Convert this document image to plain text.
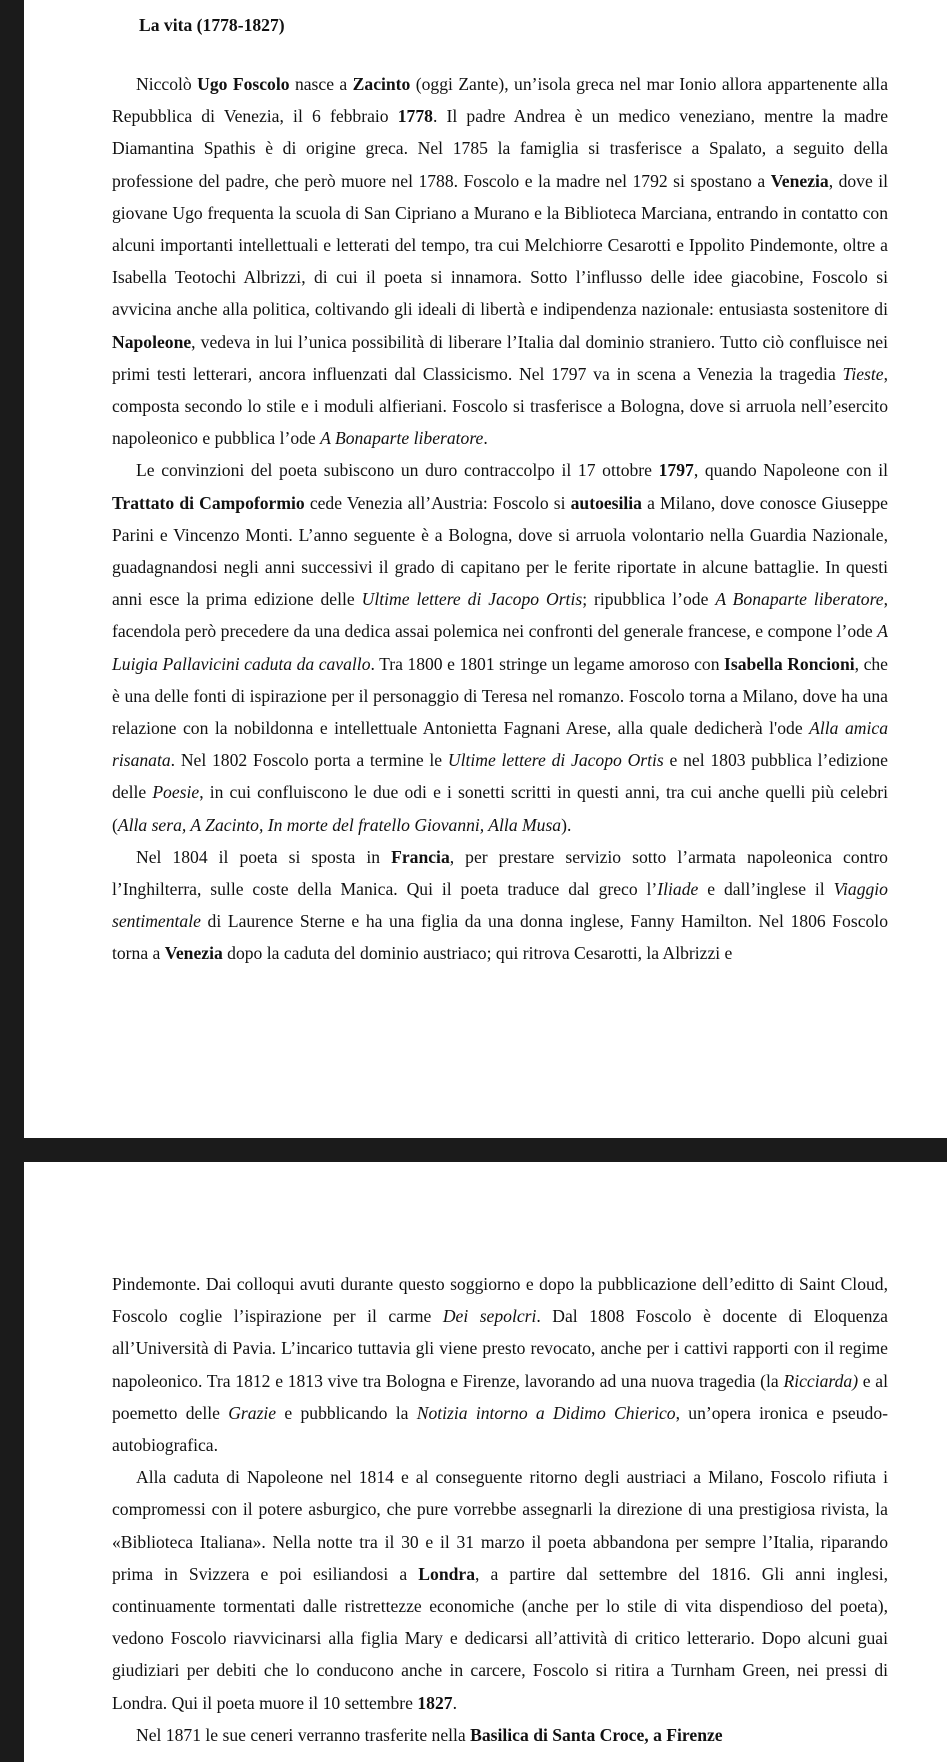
La vita (1778-1827)

Niccolò Ugo Foscolo nasce a Zacinto (oggi Zante), un’isola greca nel mar Ionio allora appartenente alla Repubblica di Venezia, il 6 febbraio 1778. Il padre Andrea è un medico veneziano, mentre la madre Diamantina Spathis è di origine greca. Nel 1785 la famiglia si trasferisce a Spalato, a seguito della professione del padre, che però muore nel 1788. Foscolo e la madre nel 1792 si spostano a Venezia, dove il giovane Ugo frequenta la scuola di San Cipriano a Murano e la Biblioteca Marciana, entrando in contatto con alcuni importanti intellettuali e letterati del tempo, tra cui Melchiorre Cesarotti e Ippolito Pindemonte, oltre a Isabella Teotochi Albrizzi, di cui il poeta si innamora. Sotto l’influsso delle idee giacobine, Foscolo si avvicina anche alla politica, coltivando gli ideali di libertà e indipendenza nazionale: entusiasta sostenitore di Napoleone, vedeva in lui l’unica possibilità di liberare l’Italia dal dominio straniero. Tutto ciò confluisce nei primi testi letterari, ancora influenzati dal Classicismo. Nel 1797 va in scena a Venezia la tragedia Tieste, composta secondo lo stile e i moduli alfieriani. Foscolo si trasferisce a Bologna, dove si arruola nell’esercito napoleonico e pubblica l’ode A Bonaparte liberatore.

Le convinzioni del poeta subiscono un duro contraccolpo il 17 ottobre 1797, quando Napoleone con il Trattato di Campoformio cede Venezia all’Austria: Foscolo si autoesilia a Milano, dove conosce Giuseppe Parini e Vincenzo Monti. L’anno seguente è a Bologna, dove si arruola volontario nella Guardia Nazionale, guadagnandosi negli anni successivi il grado di capitano per le ferite riportate in alcune battaglie. In questi anni esce la prima edizione delle Ultime lettere di Jacopo Ortis; ripubblica l’ode A Bonaparte liberatore, facendola però precedere da una dedica assai polemica nei confronti del generale francese, e compone l’ode A Luigia Pallavicini caduta da cavallo. Tra 1800 e 1801 stringe un legame amoroso con Isabella Roncioni, che è una delle fonti di ispirazione per il personaggio di Teresa nel romanzo. Foscolo torna a Milano, dove ha una relazione con la nobildonna e intellettuale Antonietta Fagnani Arese, alla quale dedicherà l'ode Alla amica risanata. Nel 1802 Foscolo porta a termine le Ultime lettere di Jacopo Ortis e nel 1803 pubblica l’edizione delle Poesie, in cui confluiscono le due odi e i sonetti scritti in questi anni, tra cui anche quelli più celebri (Alla sera, A Zacinto, In morte del fratello Giovanni, Alla Musa).

Nel 1804 il poeta si sposta in Francia, per prestare servizio sotto l’armata napoleonica contro l’Inghilterra, sulle coste della Manica. Qui il poeta traduce dal greco l’Iliade e dall’inglese il Viaggio sentimentale di Laurence Sterne e ha una figlia da una donna inglese, Fanny Hamilton. Nel 1806 Foscolo torna a Venezia dopo la caduta del dominio austriaco; qui ritrova Cesarotti, la Albrizzi e

Pindemonte. Dai colloqui avuti durante questo soggiorno e dopo la pubblicazione dell’editto di Saint Cloud, Foscolo coglie l’ispirazione per il carme Dei sepolcri. Dal 1808 Foscolo è docente di Eloquenza all’Università di Pavia. L’incarico tuttavia gli viene presto revocato, anche per i cattivi rapporti con il regime napoleonico. Tra 1812 e 1813 vive tra Bologna e Firenze, lavorando ad una nuova tragedia (la Ricciarda) e al poemetto delle Grazie e pubblicando la Notizia intorno a Didimo Chierico, un’opera ironica e pseudo-autobiografica.

Alla caduta di Napoleone nel 1814 e al conseguente ritorno degli austriaci a Milano, Foscolo rifiuta i compromessi con il potere asburgico, che pure vorrebbe assegnarli la direzione di una prestigiosa rivista, la «Biblioteca Italiana». Nella notte tra il 30 e il 31 marzo il poeta abbandona per sempre l’Italia, riparando prima in Svizzera e poi esiliandosi a Londra, a partire dal settembre del 1816. Gli anni inglesi, continuamente tormentati dalle ristrettezze economiche (anche per lo stile di vita dispendioso del poeta), vedono Foscolo riavvicinarsi alla figlia Mary e dedicarsi all’attività di critico letterario. Dopo alcuni guai giudiziari per debiti che lo conducono anche in carcere, Foscolo si ritira a Turnham Green, nei pressi di Londra. Qui il poeta muore il 10 settembre 1827.

Nel 1871 le sue ceneri verranno trasferite nella Basilica di Santa Croce, a Firenze
